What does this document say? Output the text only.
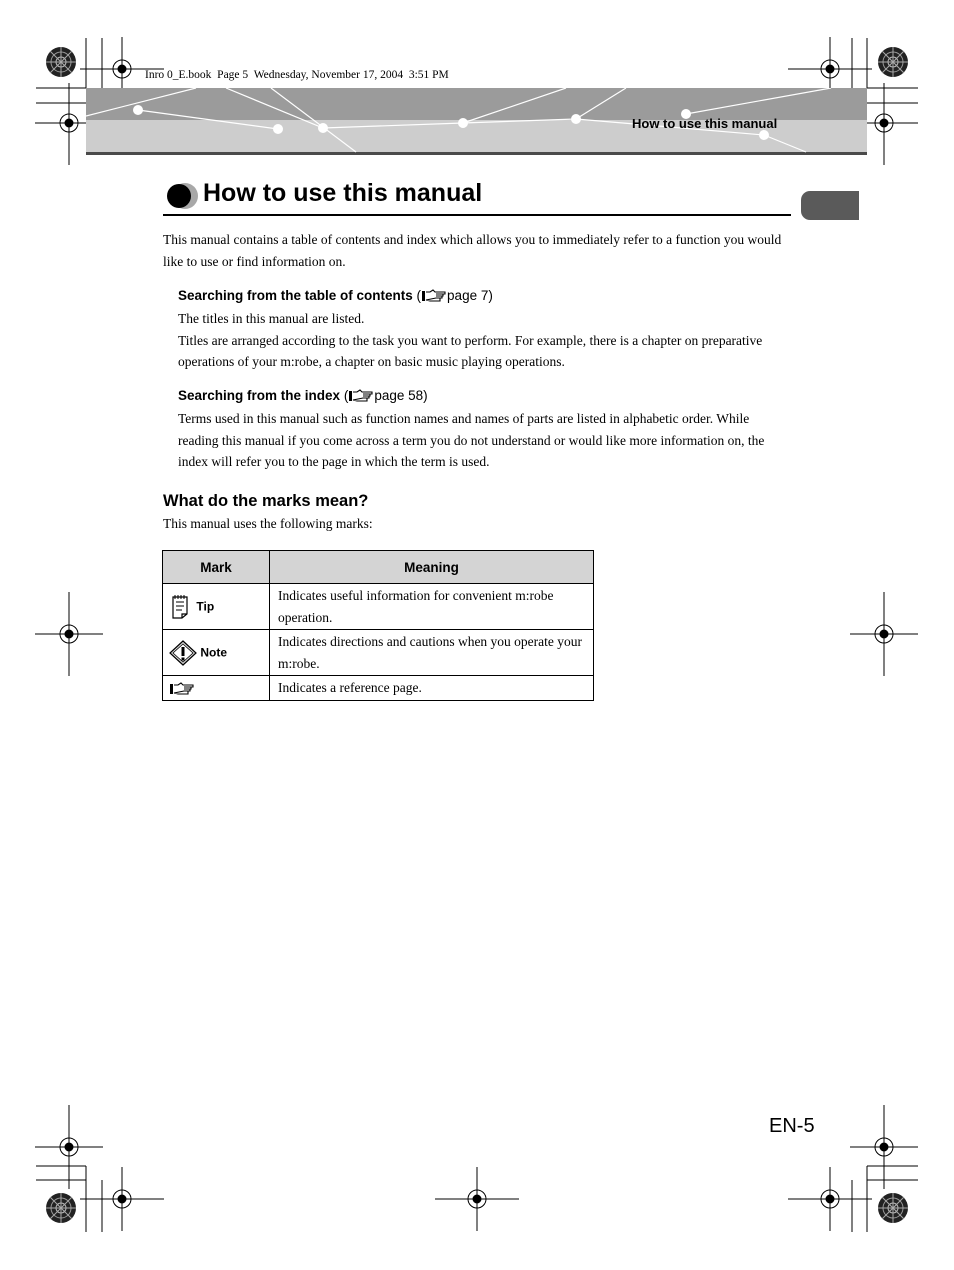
Inro 0_E.book  Page 5  Wednesday, November 17, 2004  3:51 PM
How to use this manual
How to use this manual
This manual contains a table of contents and index which allows you to immediately refer to a function you would like to use or find information on.
Searching from the table of contents ( page 7)
The titles in this manual are listed.
Titles are arranged according to the task you want to perform. For example, there is a chapter on preparative operations of your m:robe, a chapter on basic music playing operations.
Searching from the index ( page 58)
Terms used in this manual such as function names and names of parts are listed in alphabetic order. While reading this manual if you come across a term you do not understand or would like more information on, the index will refer you to the page in which the term is used.
What do the marks mean?
This manual uses the following marks:
Mark	Meaning
Tip	Indicates useful information for convenient m:robe operation.
Note	Indicates directions and cautions when you operate your m:robe.
	Indicates a reference page.
EN-5
